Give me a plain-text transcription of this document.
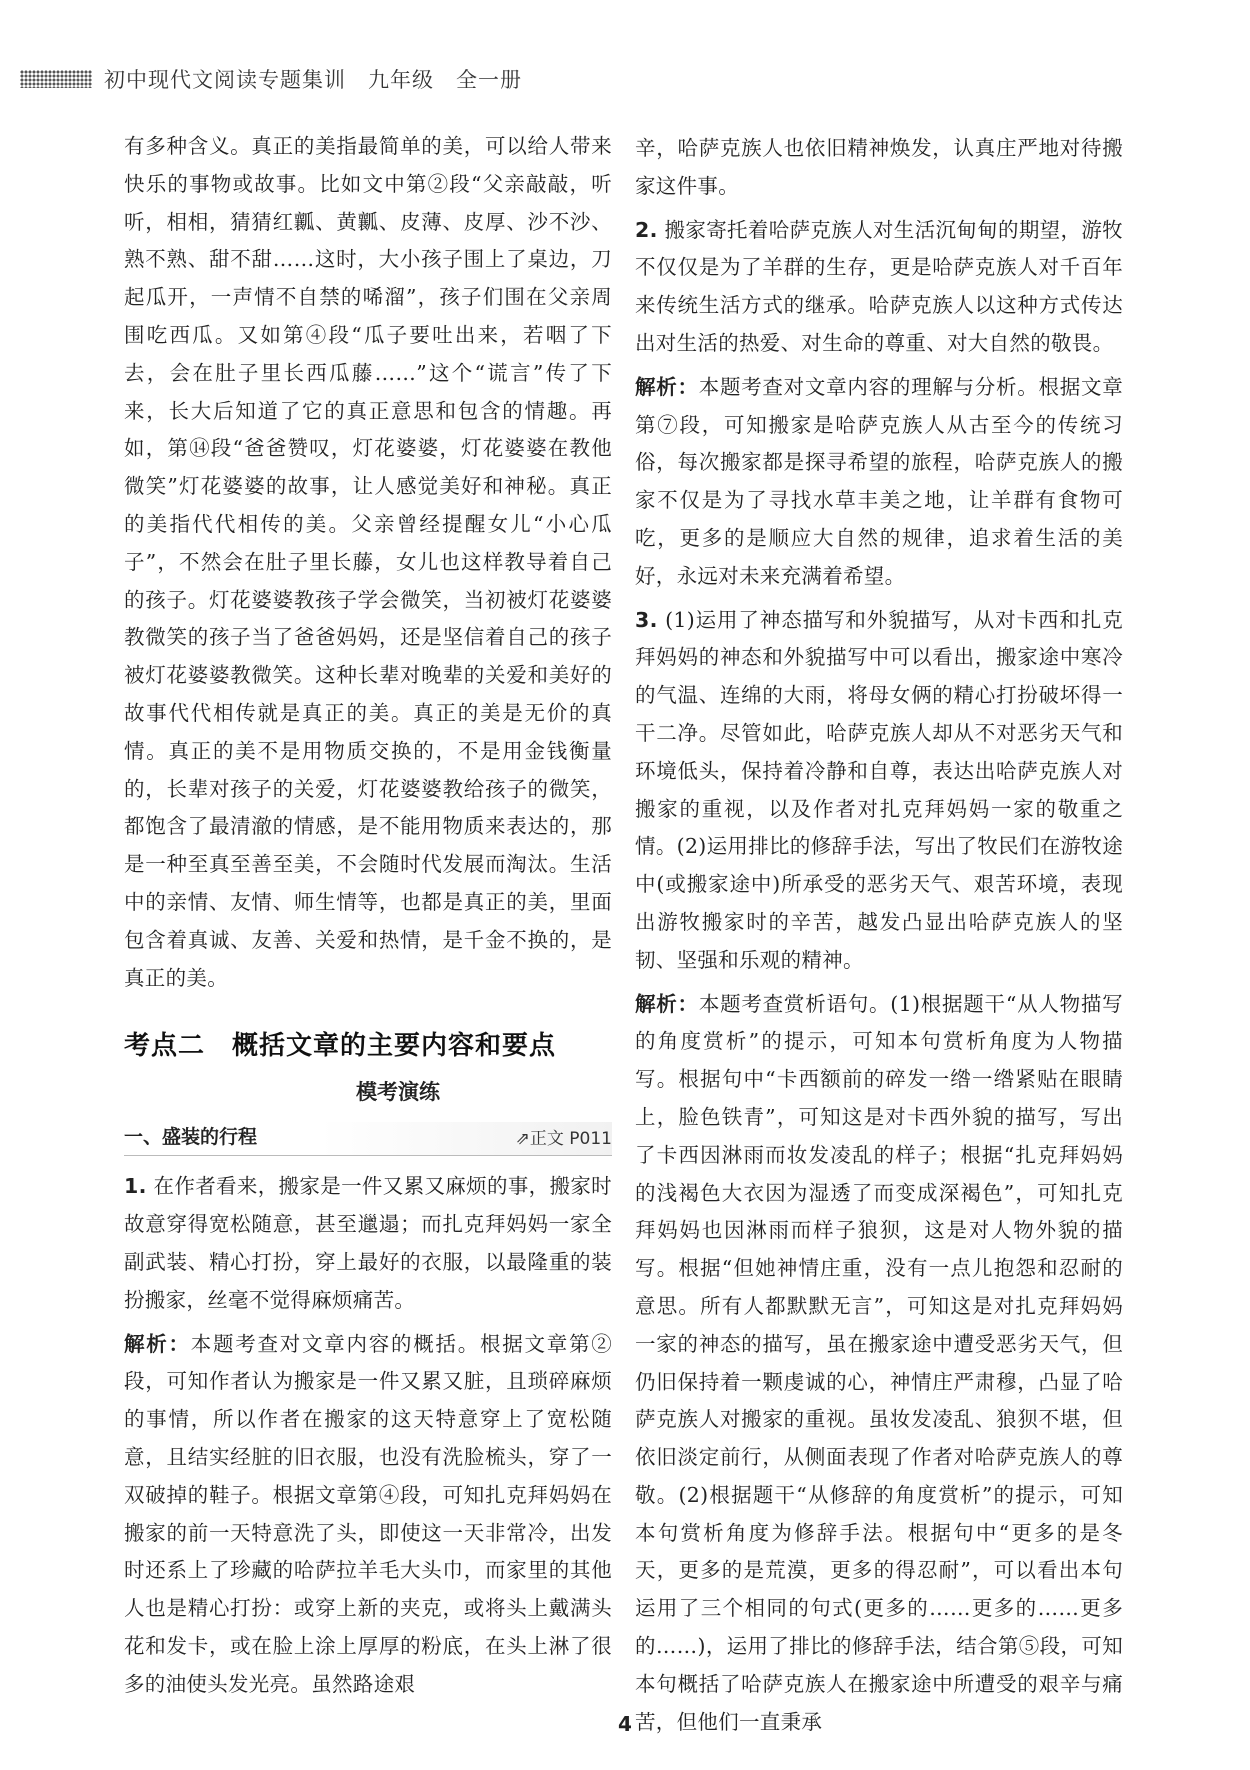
初中现代文阅读专题集训　九年级　全一册

有多种含义。真正的美指最简单的美，可以给人带来快乐的事物或故事。比如文中第②段“父亲敲敲，听听，相相，猜猜红瓤、黄瓤、皮薄、皮厚、沙不沙、熟不熟、甜不甜……这时，大小孩子围上了桌边，刀起瓜开，一声情不自禁的唏溜”，孩子们围在父亲周围吃西瓜。又如第④段“瓜子要吐出来，若咽了下去，会在肚子里长西瓜藤……”这个“谎言”传了下来，长大后知道了它的真正意思和包含的情趣。再如，第⑭段“爸爸赞叹，灯花婆婆，灯花婆婆在教他微笑”灯花婆婆的故事，让人感觉美好和神秘。真正的美指代代相传的美。父亲曾经提醒女儿“小心瓜子”，不然会在肚子里长藤，女儿也这样教导着自己的孩子。灯花婆婆教孩子学会微笑，当初被灯花婆婆教微笑的孩子当了爸爸妈妈，还是坚信着自己的孩子被灯花婆婆教微笑。这种长辈对晚辈的关爱和美好的故事代代相传就是真正的美。真正的美是无价的真情。真正的美不是用物质交换的，不是用金钱衡量的，长辈对孩子的关爱，灯花婆婆教给孩子的微笑，都饱含了最清澈的情感，是不能用物质来表达的，那是一种至真至善至美，不会随时代发展而淘汰。生活中的亲情、友情、师生情等，也都是真正的美，里面包含着真诚、友善、关爱和热情，是千金不换的，是真正的美。

考点二　概括文章的主要内容和要点
模考演练
一、盛装的行程	⇗正文 P011

1. 在作者看来，搬家是一件又累又麻烦的事，搬家时故意穿得宽松随意，甚至邋遢；而扎克拜妈妈一家全副武装、精心打扮，穿上最好的衣服，以最隆重的装扮搬家，丝毫不觉得麻烦痛苦。

解析：本题考查对文章内容的概括。根据文章第②段，可知作者认为搬家是一件又累又脏，且琐碎麻烦的事情，所以作者在搬家的这天特意穿上了宽松随意，且结实经脏的旧衣服，也没有洗脸梳头，穿了一双破掉的鞋子。根据文章第④段，可知扎克拜妈妈在搬家的前一天特意洗了头，即使这一天非常冷，出发时还系上了珍藏的哈萨拉羊毛大头巾，而家里的其他人也是精心打扮：或穿上新的夹克，或将头上戴满头花和发卡，或在脸上涂上厚厚的粉底，在头上淋了很多的油使头发光亮。虽然路途艰

辛，哈萨克族人也依旧精神焕发，认真庄严地对待搬家这件事。

2. 搬家寄托着哈萨克族人对生活沉甸甸的期望，游牧不仅仅是为了羊群的生存，更是哈萨克族人对千百年来传统生活方式的继承。哈萨克族人以这种方式传达出对生活的热爱、对生命的尊重、对大自然的敬畏。

解析：本题考查对文章内容的理解与分析。根据文章第⑦段，可知搬家是哈萨克族人从古至今的传统习俗，每次搬家都是探寻希望的旅程，哈萨克族人的搬家不仅是为了寻找水草丰美之地，让羊群有食物可吃，更多的是顺应大自然的规律，追求着生活的美好，永远对未来充满着希望。

3. (1)运用了神态描写和外貌描写，从对卡西和扎克拜妈妈的神态和外貌描写中可以看出，搬家途中寒冷的气温、连绵的大雨，将母女俩的精心打扮破坏得一干二净。尽管如此，哈萨克族人却从不对恶劣天气和环境低头，保持着冷静和自尊，表达出哈萨克族人对搬家的重视，以及作者对扎克拜妈妈一家的敬重之情。(2)运用排比的修辞手法，写出了牧民们在游牧途中(或搬家途中)所承受的恶劣天气、艰苦环境，表现出游牧搬家时的辛苦，越发凸显出哈萨克族人的坚韧、坚强和乐观的精神。

解析：本题考查赏析语句。(1)根据题干“从人物描写的角度赏析”的提示，可知本句赏析角度为人物描写。根据句中“卡西额前的碎发一绺一绺紧贴在眼睛上，脸色铁青”，可知这是对卡西外貌的描写，写出了卡西因淋雨而妆发凌乱的样子；根据“扎克拜妈妈的浅褐色大衣因为湿透了而变成深褐色”，可知扎克拜妈妈也因淋雨而样子狼狈，这是对人物外貌的描写。根据“但她神情庄重，没有一点儿抱怨和忍耐的意思。所有人都默默无言”，可知这是对扎克拜妈妈一家的神态的描写，虽在搬家途中遭受恶劣天气，但仍旧保持着一颗虔诚的心，神情庄严肃穆，凸显了哈萨克族人对搬家的重视。虽妆发凌乱、狼狈不堪，但依旧淡定前行，从侧面表现了作者对哈萨克族人的尊敬。(2)根据题干“从修辞的角度赏析”的提示，可知本句赏析角度为修辞手法。根据句中“更多的是冬天，更多的是荒漠，更多的得忍耐”，可以看出本句运用了三个相同的句式(更多的……更多的……更多的……)，运用了排比的修辞手法，结合第⑤段，可知本句概括了哈萨克族人在搬家途中所遭受的艰辛与痛苦，但他们一直秉承

4
